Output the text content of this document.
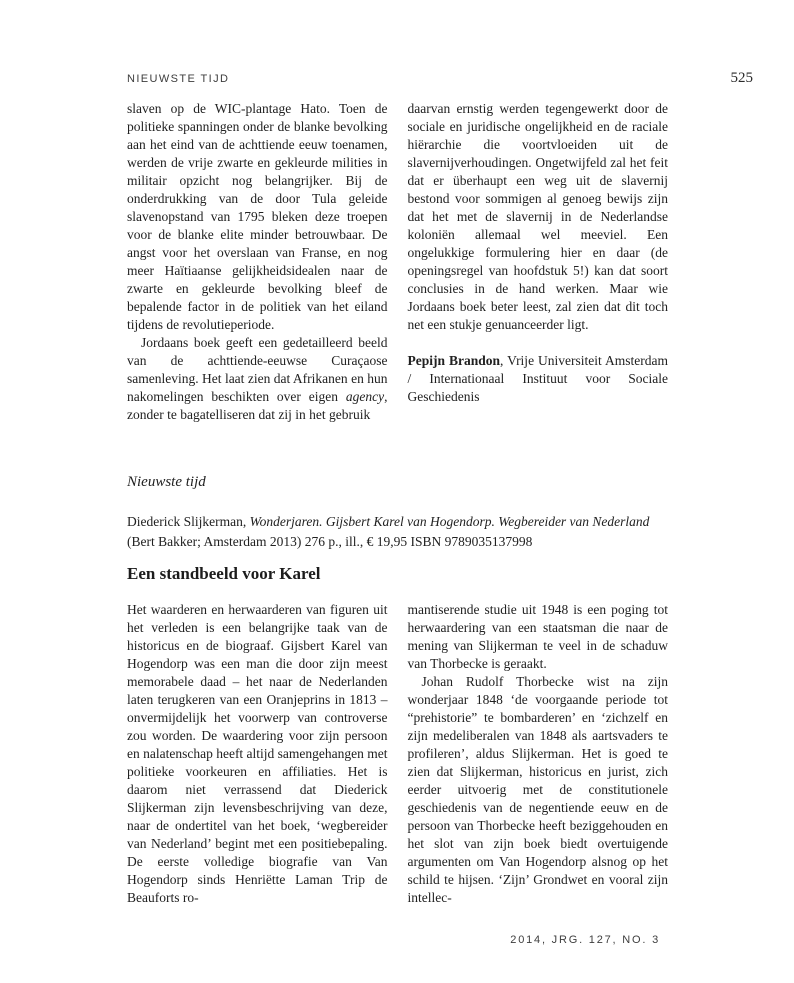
NIEUWSTE TIJD	525

slaven op de WIC-plantage Hato. Toen de politieke spanningen onder de blanke bevolking aan het eind van de achttiende eeuw toenamen, werden de vrije zwarte en gekleurde milities in militair opzicht nog belangrijker. Bij de onderdrukking van de door Tula geleide slavenopstand van 1795 bleken deze troepen voor de blanke elite minder betrouwbaar. De angst voor het overslaan van Franse, en nog meer Haïtiaanse gelijkheidsidealen naar de zwarte en gekleurde bevolking bleef de bepalende factor in de politiek van het eiland tijdens de revolutieperiode.

Jordaans boek geeft een gedetailleerd beeld van de achttiende-eeuwse Curaçaose samenleving. Het laat zien dat Afrikanen en hun nakomelingen beschikten over eigen agency, zonder te bagatelliseren dat zij in het gebruik

daarvan ernstig werden tegengewerkt door de sociale en juridische ongelijkheid en de raciale hiërarchie die voortvloeiden uit de slavernijverhoudingen. Ongetwijfeld zal het feit dat er überhaupt een weg uit de slavernij bestond voor sommigen al genoeg bewijs zijn dat het met de slavernij in de Nederlandse koloniën allemaal wel meeviel. Een ongelukkige formulering hier en daar (de openingsregel van hoofdstuk 5!) kan dat soort conclusies in de hand werken. Maar wie Jordaans boek beter leest, zal zien dat dit toch net een stukje genuanceerder ligt.

Pepijn Brandon, Vrije Universiteit Amsterdam / Internationaal Instituut voor Sociale Geschiedenis

Nieuwste tijd
Diederick Slijkerman, Wonderjaren. Gijsbert Karel van Hogendorp. Wegbereider van Nederland (Bert Bakker; Amsterdam 2013) 276 p., ill., € 19,95 ISBN 9789035137998
Een standbeeld voor Karel

Het waarderen en herwaarderen van figuren uit het verleden is een belangrijke taak van de historicus en de biograaf. Gijsbert Karel van Hogendorp was een man die door zijn meest memorabele daad – het naar de Nederlanden laten terugkeren van een Oranjeprins in 1813 – onvermijdelijk het voorwerp van controverse zou worden. De waardering voor zijn persoon en nalatenschap heeft altijd samengehangen met politieke voorkeuren en affiliaties. Het is daarom niet verrassend dat Diederick Slijkerman zijn levensbeschrijving van deze, naar de ondertitel van het boek, ‘wegbereider van Nederland’ begint met een positiebepaling. De eerste volledige biografie van Van Hogendorp sinds Henriëtte Laman Trip de Beauforts ro-

mantiserende studie uit 1948 is een poging tot herwaardering van een staatsman die naar de mening van Slijkerman te veel in de schaduw van Thorbecke is geraakt.

Johan Rudolf Thorbecke wist na zijn wonderjaar 1848 ‘de voorgaande periode tot “prehistorie” te bombarderen’ en ‘zichzelf en zijn medeliberalen van 1848 als aartsvaders te profileren’, aldus Slijkerman. Het is goed te zien dat Slijkerman, historicus en jurist, zich eerder uitvoerig met de constitutionele geschiedenis van de negentiende eeuw en de persoon van Thorbecke heeft beziggehouden en het slot van zijn boek biedt overtuigende argumenten om Van Hogendorp alsnog op het schild te hijsen. ‘Zijn’ Grondwet en vooral zijn intellec-

2014, JRG. 127, NO. 3
